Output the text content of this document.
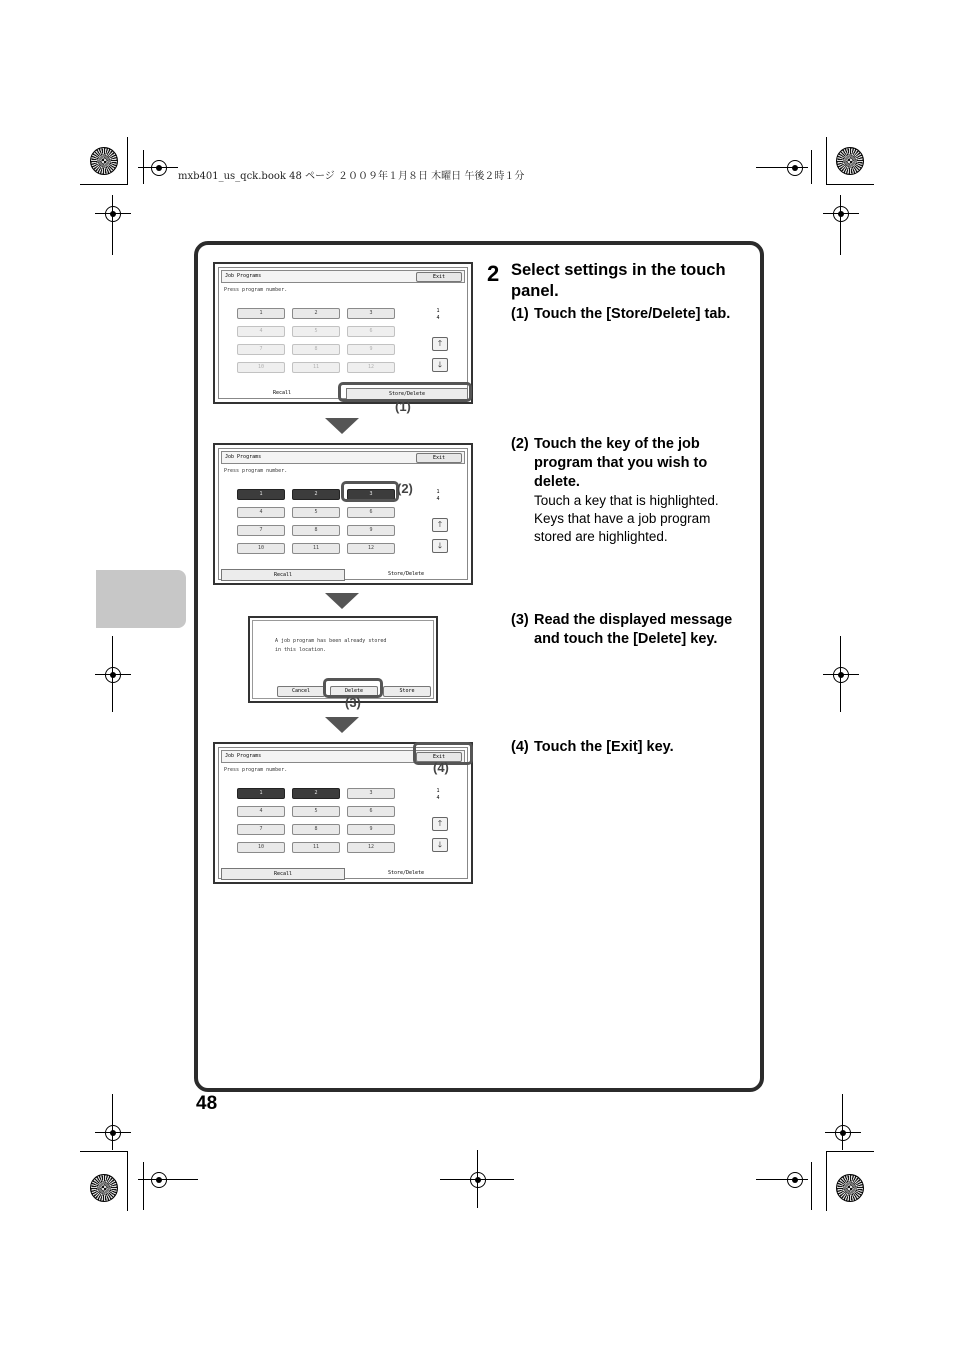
mxb401_us_qck.book 48 ページ ２００９年１月８日 木曜日 午後２時１分
Job Programs	Exit
Press program number.
1	2	3
4	5	6
7	8	9
10	11	12
1
4
🡑
🡓
Recall	Store/Delete
(1)
Job Programs	Exit
Press program number.
1	2	3
4	5	6
7	8	9
10	11	12
1
4
🡑
🡓
Recall	Store/Delete
(2)
A job program has been already stored
in this location.
Cancel	Delete	Store
(3)
Job Programs	Exit
Press program number.
1	2	3
4	5	6
7	8	9
10	11	12
1
4
🡑
🡓
Recall	Store/Delete
(4)
2 Select settings in the touch panel.
(1) Touch the [Store/Delete] tab.
(2) Touch the key of the job program that you wish to delete.
Touch a key that is highlighted. Keys that have a job program stored are highlighted.
(3) Read the displayed message and touch the [Delete] key.
(4) Touch the [Exit] key.
48
